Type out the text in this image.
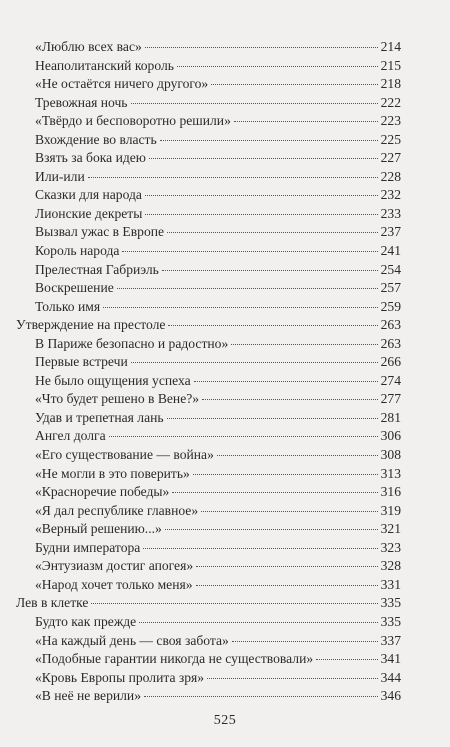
«Люблю всех вас»	214
Неаполитанский король	215
«Не остаётся ничего другого»	218
Тревожная ночь	222
«Твёрдо и бесповоротно решили»	223
Вхождение во власть	225
Взять за бока идею	227
Или-или	228
Сказки для народа	232
Лионские декреты	233
Вызвал ужас в Европе	237
Король народа	241
Прелестная Габриэль	254
Воскрешение	257
Только имя	259
Утверждение на престоле	263
В Париже безопасно и радостно»	263
Первые встречи	266
Не было ощущения успеха	274
«Что будет решено в Вене?»	277
Удав и трепетная лань	281
Ангел долга	306
«Его существование — война»	308
«Не могли в это поверить»	313
«Красноречие победы»	316
«Я дал республике главное»	319
«Верный решению...»	321
Будни императора	323
«Энтузиазм достиг апогея»	328
«Народ хочет только меня»	331
Лев в клетке	335
Будто как прежде	335
«На каждый день — своя забота»	337
«Подобные гарантии никогда не существовали»	341
«Кровь Европы пролита зря»	344
«В неё не верили»	346
525
